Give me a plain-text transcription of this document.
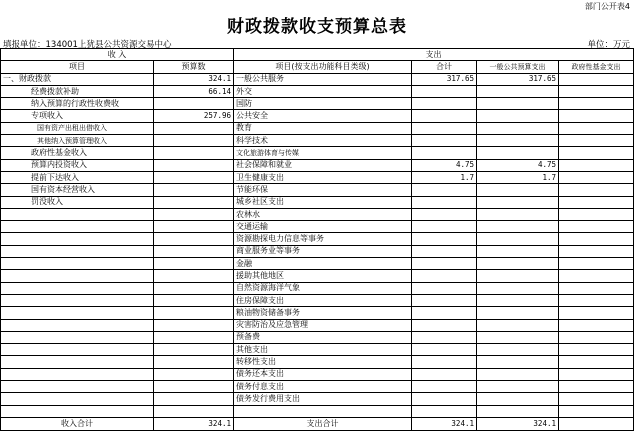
部门公开表4
财政拨款收支预算总表
填报单位：134001上犹县公共资源交易中心	单位：万元
收 入		支出			
项目	预算数	项目(按支出功能科目类级)	合计	一般公共预算支出	政府性基金支出
一、财政拨款	324.1	一般公共服务	317.65	317.65	
经费拨款补助	66.14	外交			
纳入预算的行政性收费收		国防			
专项收入	257.96	公共安全			
国有资产出租出借收入		教育			
其他纳入预算管理收入		科学技术			
政府性基金收入		文化旅游体育与传媒			
预算内投资收入		社会保障和就业	4.75	4.75	
提前下达收入		卫生健康支出	1.7	1.7	
国有资本经营收入		节能环保			
罚没收入		城乡社区支出			
		农林水			
		交通运输			
		资源勘探电力信息等事务			
		商业服务业等事务			
		金融			
		援助其他地区			
		自然资源海洋气象			
		住房保障支出			
		粮油物资储备事务			
		灾害防治及应急管理			
		预备费			
		其他支出			
		转移性支出			
		债务还本支出			
		债务付息支出			
		债务发行费用支出			

收入合计	324.1	支出合计	324.1	324.1	
